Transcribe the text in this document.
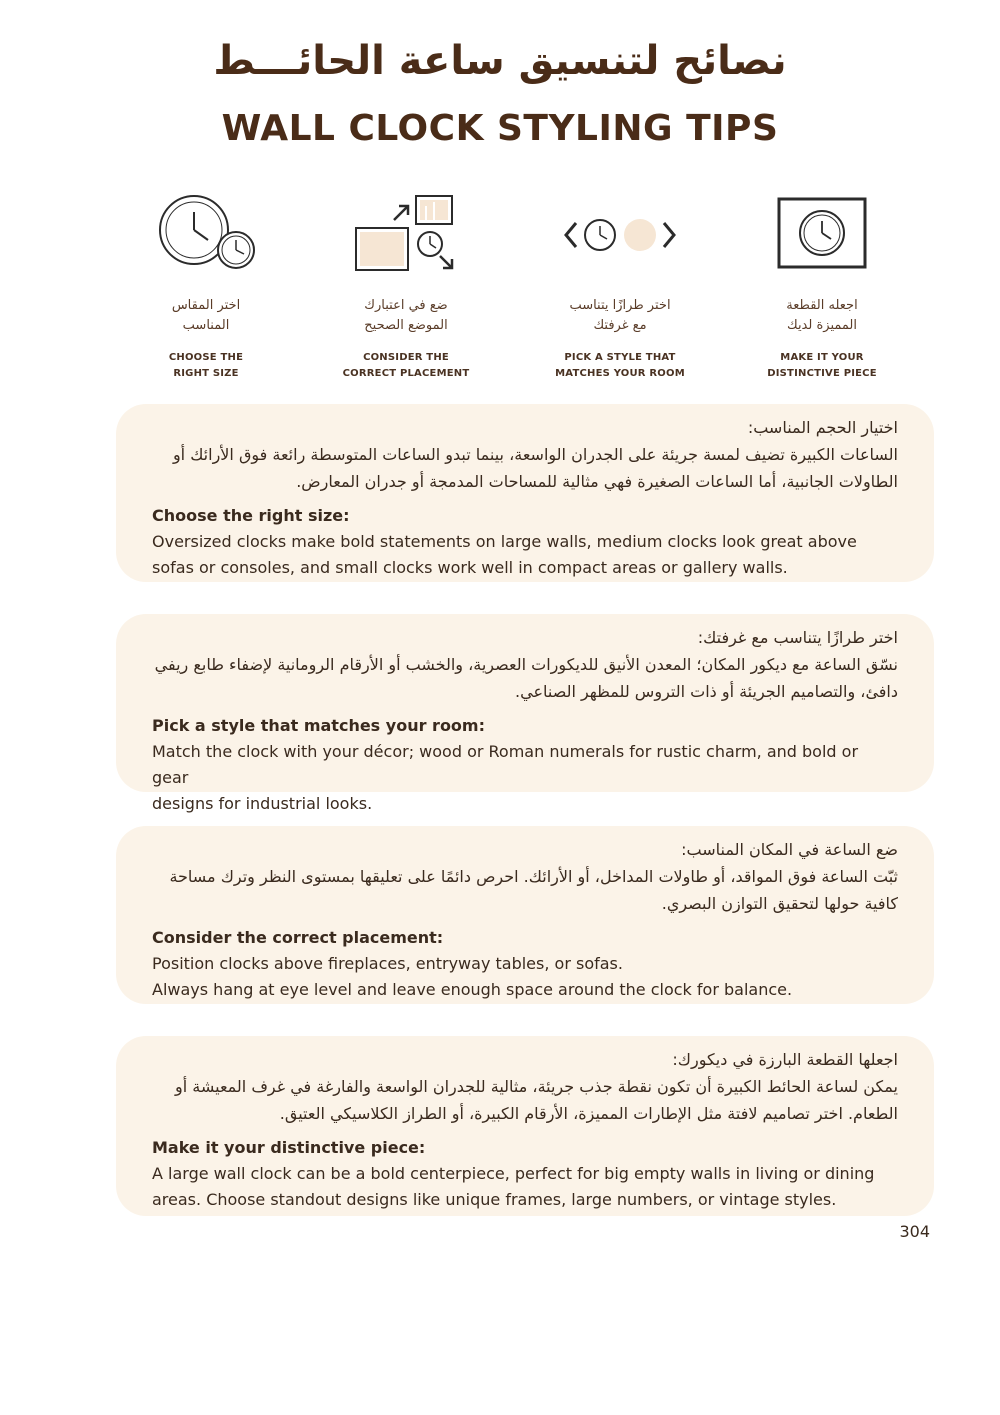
نصائح لتنسيق ساعة الحائـــط
WALL CLOCK STYLING TIPS
اختر المقاس
المناسب
CHOOSE THE
RIGHT SIZE
ضع في اعتبارك
الموضع الصحيح
CONSIDER THE
CORRECT PLACEMENT
اختر طرازًا يتناسب
مع غرفتك
PICK A STYLE THAT
MATCHES YOUR ROOM
اجعله القطعة
المميزة لديك
MAKE IT YOUR
DISTINCTIVE PIECE
اختيار الحجم المناسب:
الساعات الكبيرة تضيف لمسة جريئة على الجدران الواسعة، بينما تبدو الساعات المتوسطة رائعة فوق الأرائك أو الطاولات الجانبية، أما الساعات الصغيرة فهي مثالية للمساحات المدمجة أو جدران المعارض.
Choose the right size:
Oversized clocks make bold statements on large walls, medium clocks look great above
sofas or consoles, and small clocks work well in compact areas or gallery walls.
اختر طرازًا يتناسب مع غرفتك:
نسّق الساعة مع ديكور المكان؛ المعدن الأنيق للديكورات العصرية، والخشب أو الأرقام الرومانية لإضفاء طابع ريفي دافئ، والتصاميم الجريئة أو ذات التروس للمظهر الصناعي.
Pick a style that matches your room:
Match the clock with your décor; wood or Roman numerals for rustic charm, and bold or gear
designs for industrial looks.
ضع الساعة في المكان المناسب:
ثبّت الساعة فوق المواقد، أو طاولات المداخل، أو الأرائك. احرص دائمًا على تعليقها بمستوى النظر وترك مساحة كافية حولها لتحقيق التوازن البصري.
Consider the correct placement:
Position clocks above fireplaces, entryway tables, or sofas.
Always hang at eye level and leave enough space around the clock for balance.
اجعلها القطعة البارزة في ديكورك:
يمكن لساعة الحائط الكبيرة أن تكون نقطة جذب جريئة، مثالية للجدران الواسعة والفارغة في غرف المعيشة أو الطعام. اختر تصاميم لافتة مثل الإطارات المميزة، الأرقام الكبيرة، أو الطراز الكلاسيكي العتيق.
Make it your distinctive piece:
A large wall clock can be a bold centerpiece, perfect for big empty walls in living or dining
areas. Choose standout designs like unique frames, large numbers, or vintage styles.
304
